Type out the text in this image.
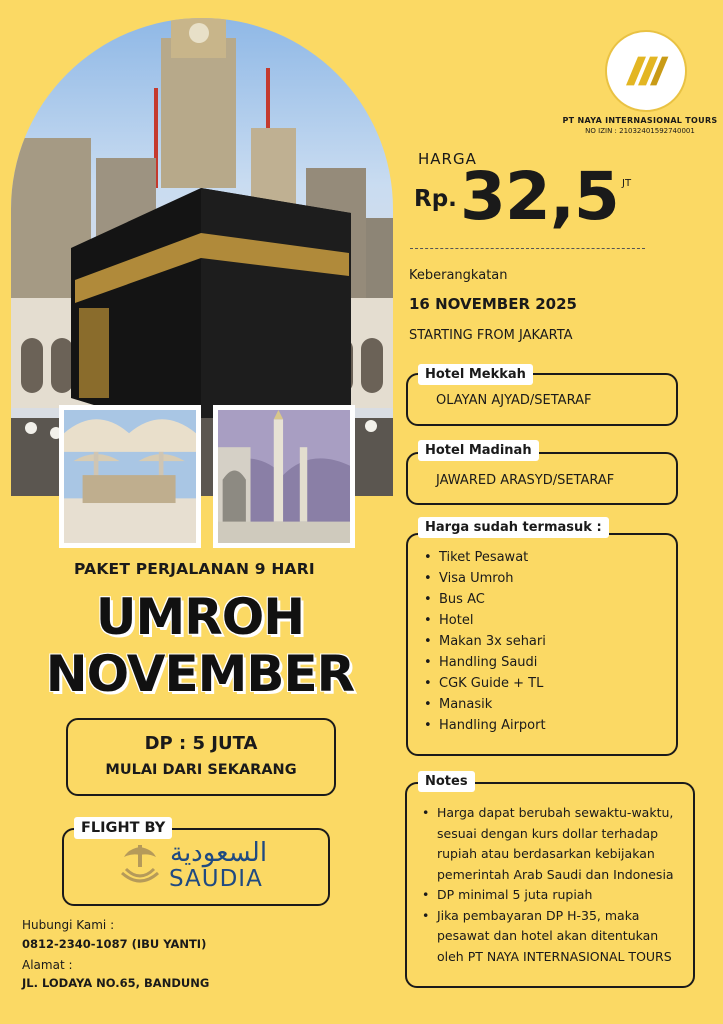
PT NAYA INTERNASIONAL TOURS
NO IZIN : 21032401592740001
HARGA
Rp. 32,5 JT
Keberangkatan
16 NOVEMBER 2025
STARTING FROM JAKARTA
Hotel Mekkah
OLAYAN AJYAD/SETARAF
Hotel Madinah
JAWARED ARASYD/SETARAF
Harga sudah termasuk :
• Tiket Pesawat
• Visa Umroh
• Bus AC
• Hotel
• Makan 3x sehari
• Handling Saudi
• CGK Guide + TL
• Manasik
• Handling Airport
Notes
• Harga dapat berubah sewaktu-waktu, sesuai dengan kurs dollar terhadap rupiah atau berdasarkan kebijakan pemerintah Arab Saudi dan Indonesia
• DP minimal 5 juta rupiah
• Jika pembayaran DP H-35, maka pesawat dan hotel akan ditentukan oleh PT NAYA INTERNASIONAL TOURS
PAKET PERJALANAN 9 HARI
UMROH
NOVEMBER
DP : 5 JUTA
MULAI DARI SEKARANG
FLIGHT BY
السعودية
SAUDIA
Hubungi Kami :
0812-2340-1087 (IBU YANTI)
Alamat :
JL. LODAYA NO.65, BANDUNG
